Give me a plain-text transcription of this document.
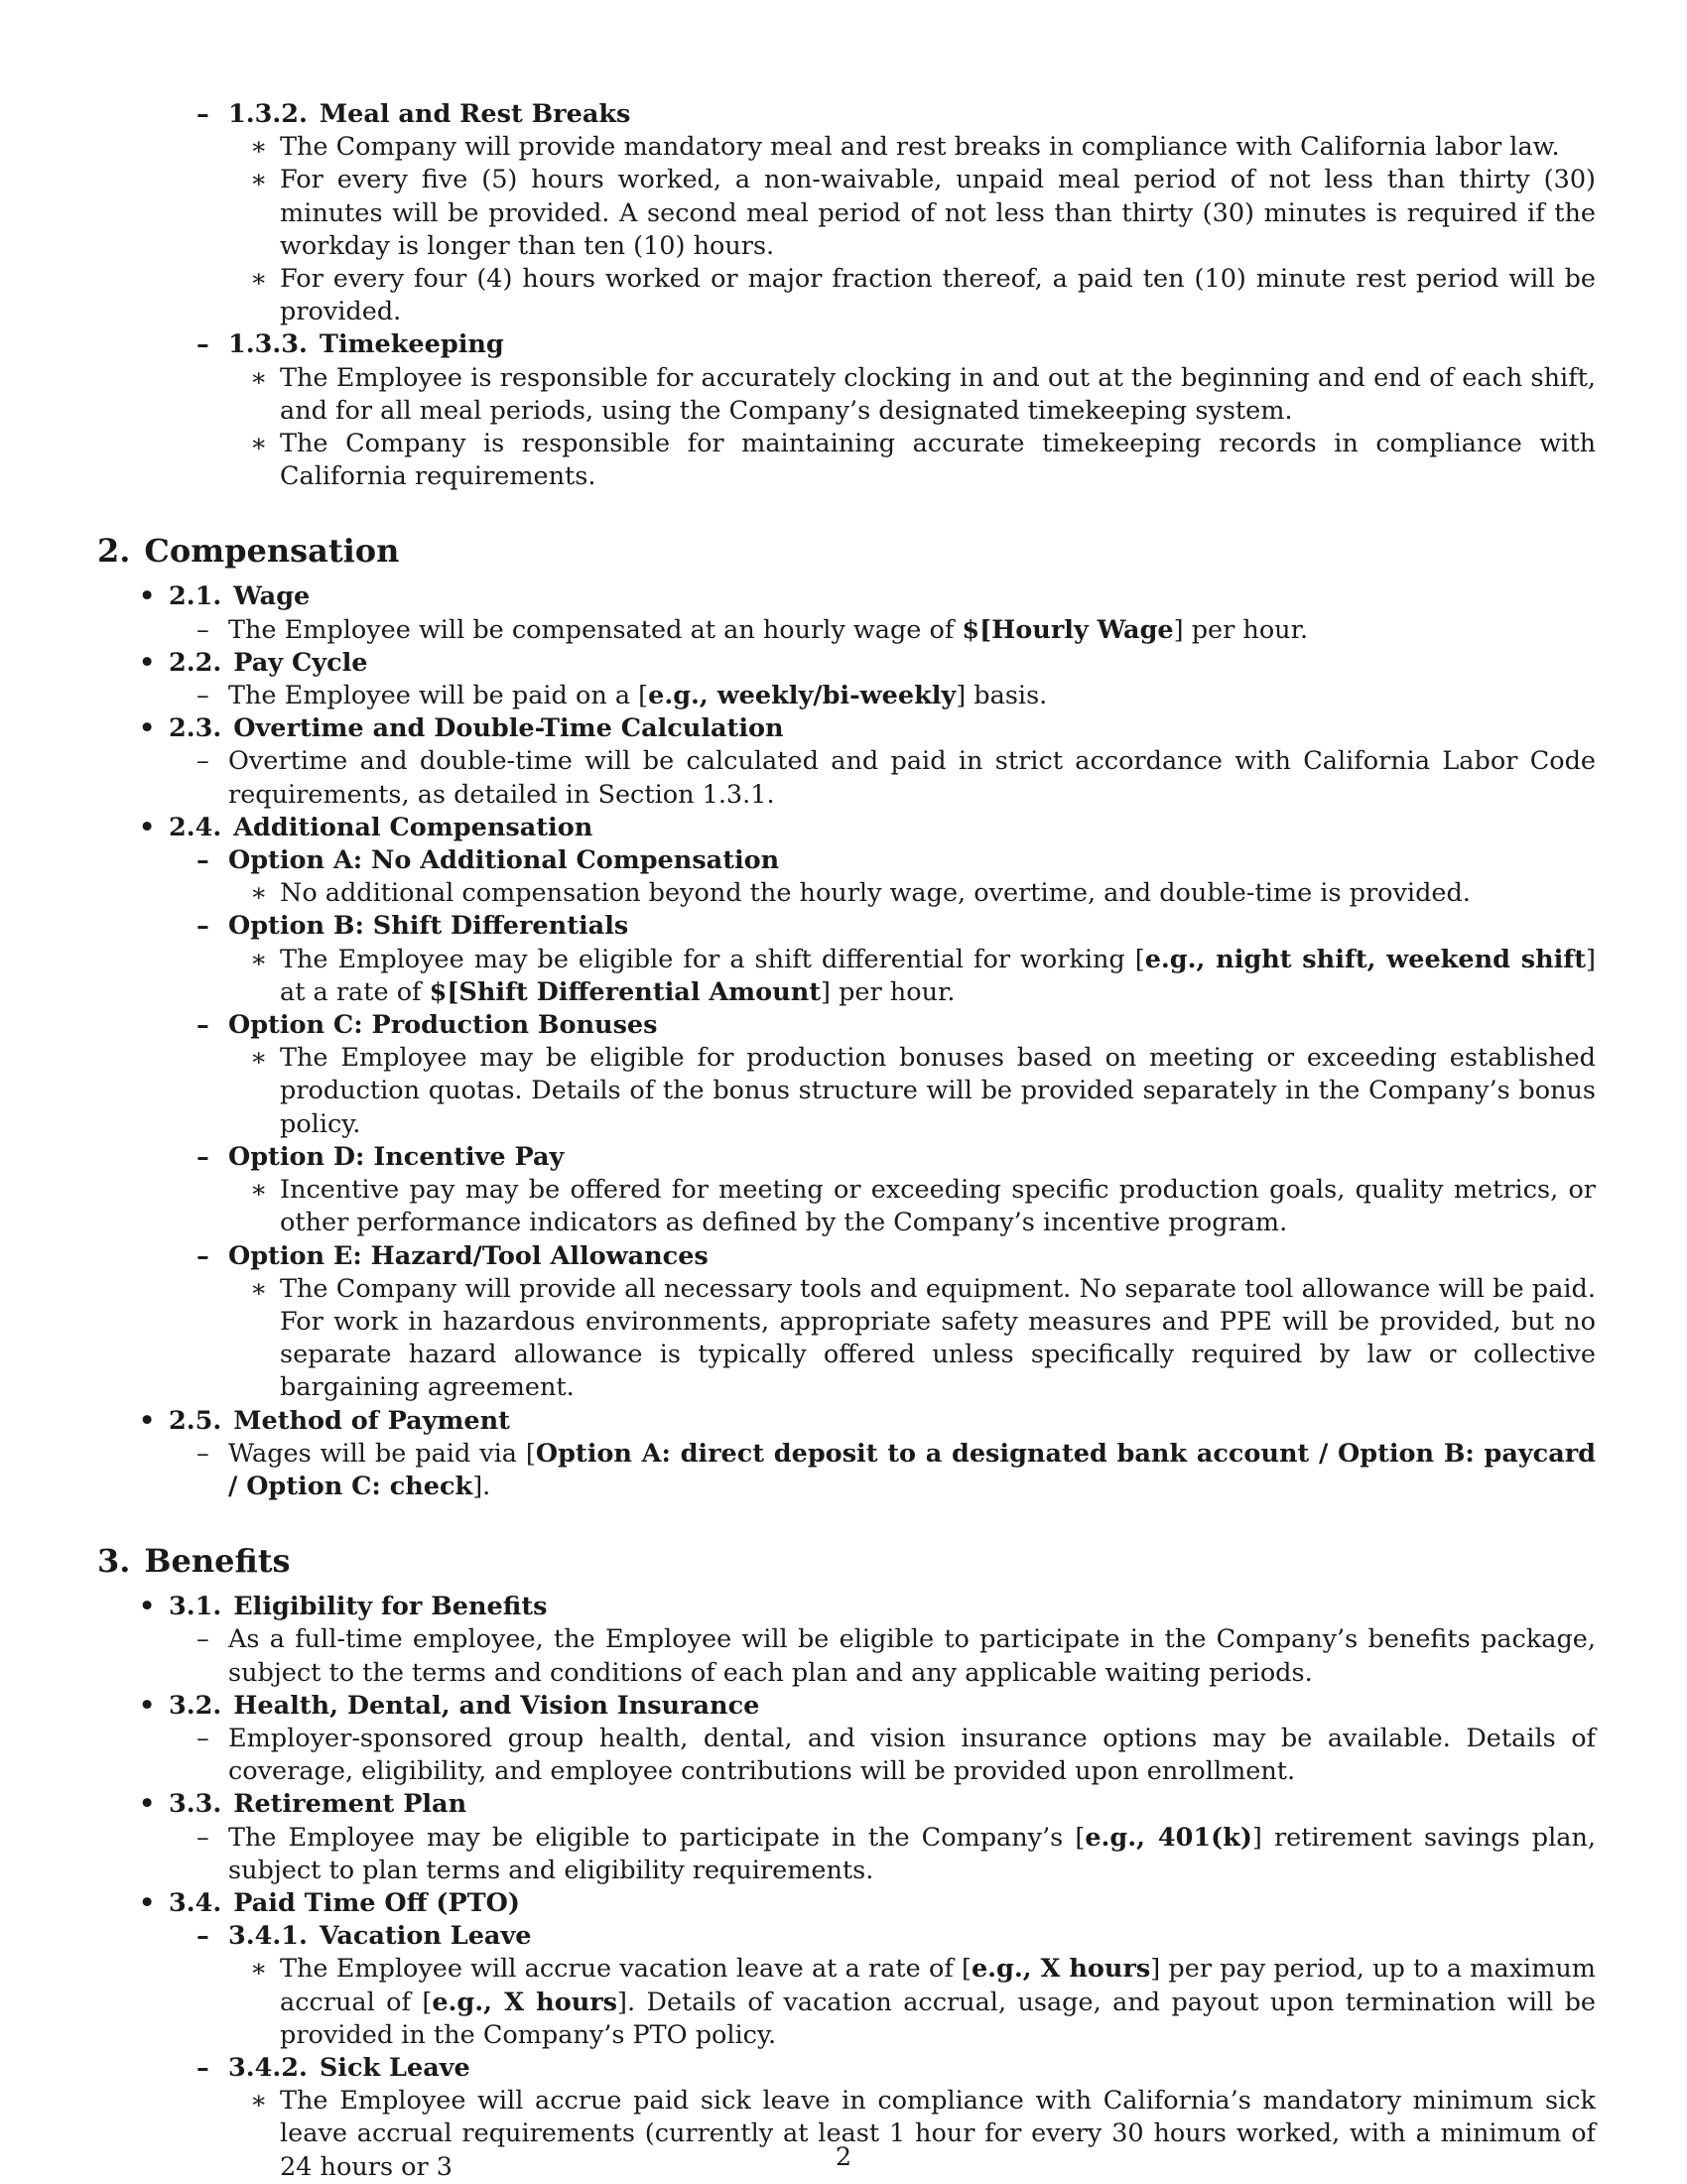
– 1.3.2. Meal and Rest Breaks

∗ The Company will provide mandatory meal and rest breaks in compliance with California labor law.

∗ For every five (5) hours worked, a non-waivable, unpaid meal period of not less than thirty (30) minutes will be provided. A second meal period of not less than thirty (30) minutes is required if the workday is longer than ten (10) hours.

∗ For every four (4) hours worked or major fraction thereof, a paid ten (10) minute rest period will be provided.

– 1.3.3. Timekeeping

∗ The Employee is responsible for accurately clocking in and out at the beginning and end of each shift, and for all meal periods, using the Company’s designated timekeeping system.

∗ The Company is responsible for maintaining accurate timekeeping records in compliance with California requirements.

2. Compensation

• 2.1. Wage

– The Employee will be compensated at an hourly wage of $[Hourly Wage] per hour.

• 2.2. Pay Cycle

– The Employee will be paid on a [e.g., weekly/bi-weekly] basis.

• 2.3. Overtime and Double-Time Calculation

– Overtime and double-time will be calculated and paid in strict accordance with California Labor Code requirements, as detailed in Section 1.3.1.

• 2.4. Additional Compensation

– Option A: No Additional Compensation

∗ No additional compensation beyond the hourly wage, overtime, and double-time is provided.

– Option B: Shift Differentials

∗ The Employee may be eligible for a shift differential for working [e.g., night shift, weekend shift] at a rate of $[Shift Differential Amount] per hour.

– Option C: Production Bonuses

∗ The Employee may be eligible for production bonuses based on meeting or exceeding established production quotas. Details of the bonus structure will be provided separately in the Company’s bonus policy.

– Option D: Incentive Pay

∗ Incentive pay may be offered for meeting or exceeding specific production goals, quality metrics, or other performance indicators as defined by the Company’s incentive program.

– Option E: Hazard/Tool Allowances

∗ The Company will provide all necessary tools and equipment. No separate tool allowance will be paid. For work in hazardous environments, appropriate safety measures and PPE will be provided, but no separate hazard allowance is typically offered unless specifically required by law or collective bargaining agreement.

• 2.5. Method of Payment

– Wages will be paid via [Option A: direct deposit to a designated bank account / Option B: paycard / Option C: check].

3. Benefits

• 3.1. Eligibility for Benefits

– As a full-time employee, the Employee will be eligible to participate in the Company’s benefits package, subject to the terms and conditions of each plan and any applicable waiting periods.

• 3.2. Health, Dental, and Vision Insurance

– Employer-sponsored group health, dental, and vision insurance options may be available. Details of coverage, eligibility, and employee contributions will be provided upon enrollment.

• 3.3. Retirement Plan

– The Employee may be eligible to participate in the Company’s [e.g., 401(k)] retirement savings plan, subject to plan terms and eligibility requirements.

• 3.4. Paid Time Off (PTO)

– 3.4.1. Vacation Leave

∗ The Employee will accrue vacation leave at a rate of [e.g., X hours] per pay period, up to a maximum accrual of [e.g., X hours]. Details of vacation accrual, usage, and payout upon termination will be provided in the Company’s PTO policy.

– 3.4.2. Sick Leave

∗ The Employee will accrue paid sick leave in compliance with California’s mandatory minimum sick leave accrual requirements (currently at least 1 hour for every 30 hours worked, with a minimum of 24 hours or 3	2
